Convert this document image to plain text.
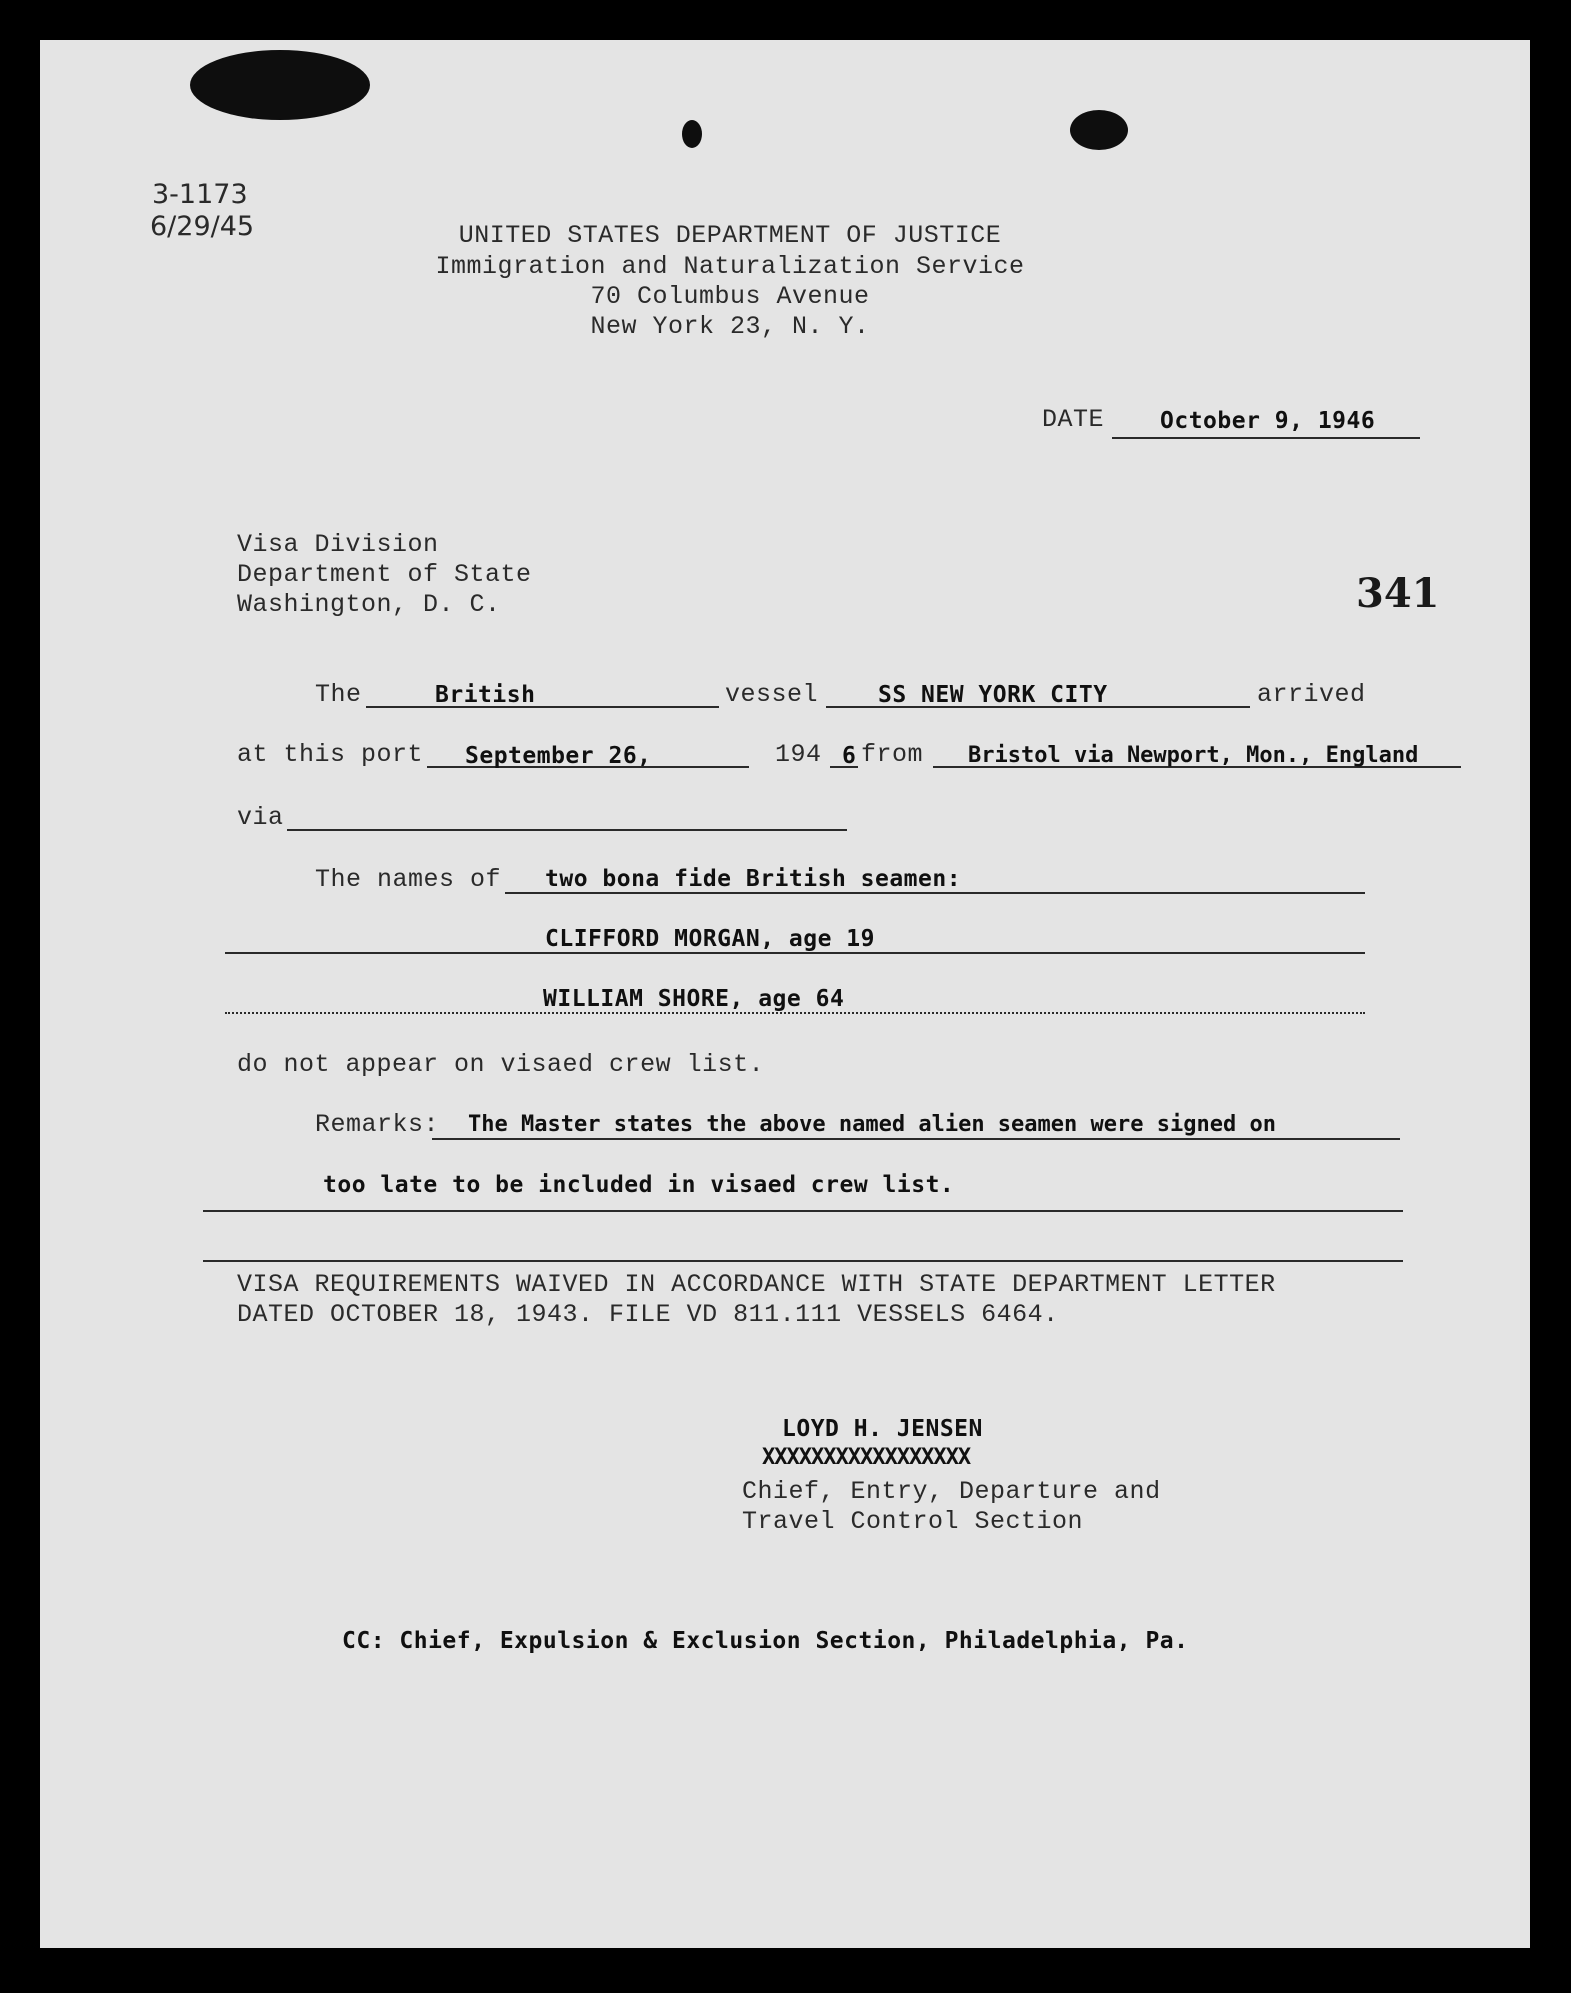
3-1173
6/29/45	UNITED STATES DEPARTMENT OF JUSTICE
Immigration and Naturalization Service
70 Columbus Avenue
New York 23, N. Y.
DATE October 9, 1946
Visa Division
Department of State
Washington, D. C.	341
The	British	vessel	SS NEW YORK CITY	arrived
at this port September 26,	194 6 from Bristol via Newport, Mon., England
via
The names of two bona fide British seamen:
CLIFFORD MORGAN, age 19
WILLIAM SHORE, age 64
do not appear on visaed crew list.
Remarks: The Master states the above named alien seamen were signed on
too late to be included in visaed crew list.
VISA REQUIREMENTS WAIVED IN ACCORDANCE WITH STATE DEPARTMENT LETTER
DATED OCTOBER 18, 1943. FILE VD 811.111 VESSELS 6464.
LOYD H. JENSEN
XXXXXXXXXXXXXXXXX
Chief, Entry, Departure and
Travel Control Section
CC: Chief, Expulsion & Exclusion Section, Philadelphia, Pa.
